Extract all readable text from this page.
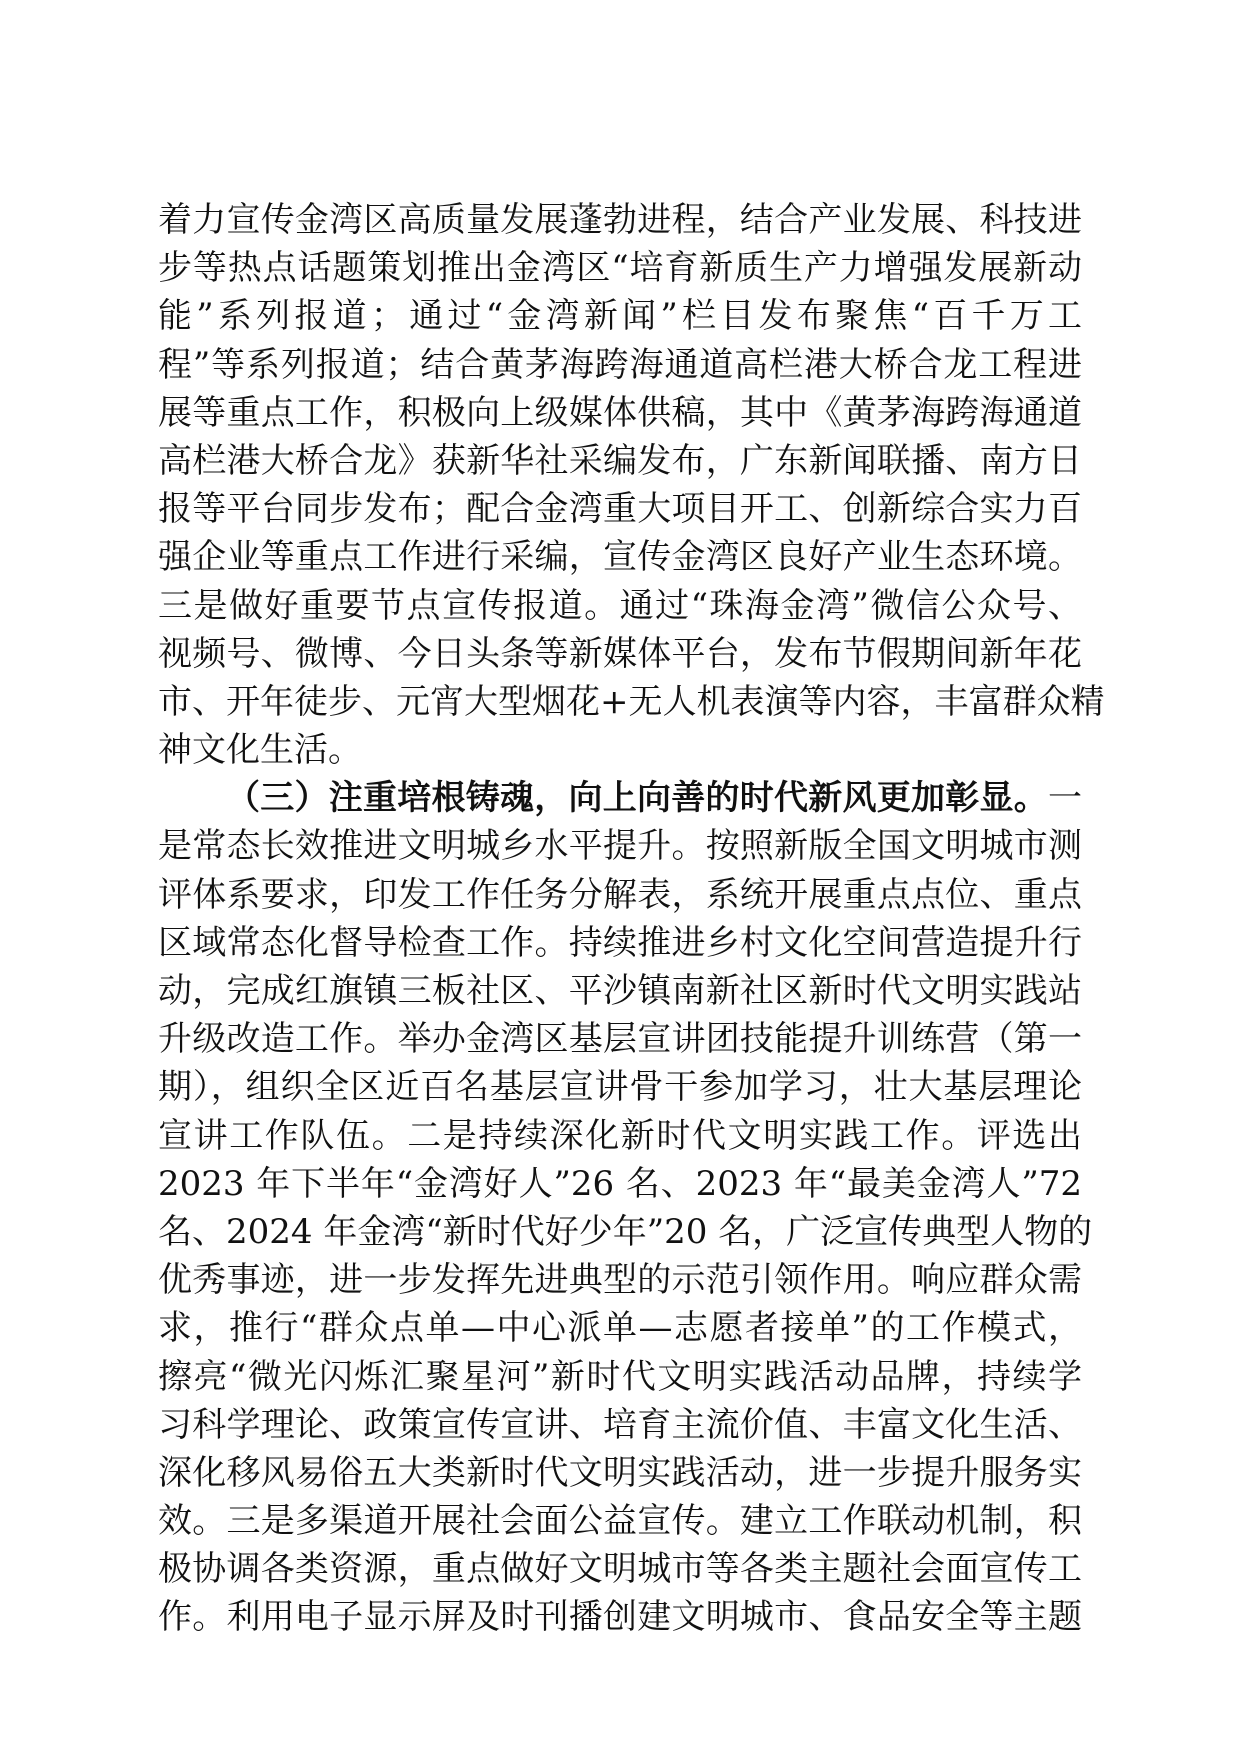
着力宣传金湾区高质量发展蓬勃进程，结合产业发展、科技进
步等热点话题策划推出金湾区“培育新质生产力增强发展新动
能”系列报道；通过“金湾新闻”栏目发布聚焦“百千万工
程”等系列报道；结合黄茅海跨海通道高栏港大桥合龙工程进
展等重点工作，积极向上级媒体供稿，其中《黄茅海跨海通道
高栏港大桥合龙》获新华社采编发布，广东新闻联播、南方日
报等平台同步发布；配合金湾重大项目开工、创新综合实力百
强企业等重点工作进行采编，宣传金湾区良好产业生态环境。
三是做好重要节点宣传报道。通过“珠海金湾”微信公众号、
视频号、微博、今日头条等新媒体平台，发布节假期间新年花
市、开年徒步、元宵大型烟花+无人机表演等内容，丰富群众精
神文化生活。
（三）注重培根铸魂，向上向善的时代新风更加彰显。一
是常态长效推进文明城乡水平提升。按照新版全国文明城市测
评体系要求，印发工作任务分解表，系统开展重点点位、重点
区域常态化督导检查工作。持续推进乡村文化空间营造提升行
动，完成红旗镇三板社区、平沙镇南新社区新时代文明实践站
升级改造工作。举办金湾区基层宣讲团技能提升训练营（第一
期），组织全区近百名基层宣讲骨干参加学习，壮大基层理论
宣讲工作队伍。二是持续深化新时代文明实践工作。评选出
2023 年下半年“金湾好人”26 名、2023 年“最美金湾人”72
名、2024 年金湾“新时代好少年”20 名，广泛宣传典型人物的
优秀事迹，进一步发挥先进典型的示范引领作用。响应群众需
求，推行“群众点单—中心派单—志愿者接单”的工作模式，
擦亮“微光闪烁汇聚星河”新时代文明实践活动品牌，持续学
习科学理论、政策宣传宣讲、培育主流价值、丰富文化生活、
深化移风易俗五大类新时代文明实践活动，进一步提升服务实
效。三是多渠道开展社会面公益宣传。建立工作联动机制，积
极协调各类资源，重点做好文明城市等各类主题社会面宣传工
作。利用电子显示屏及时刊播创建文明城市、食品安全等主题
